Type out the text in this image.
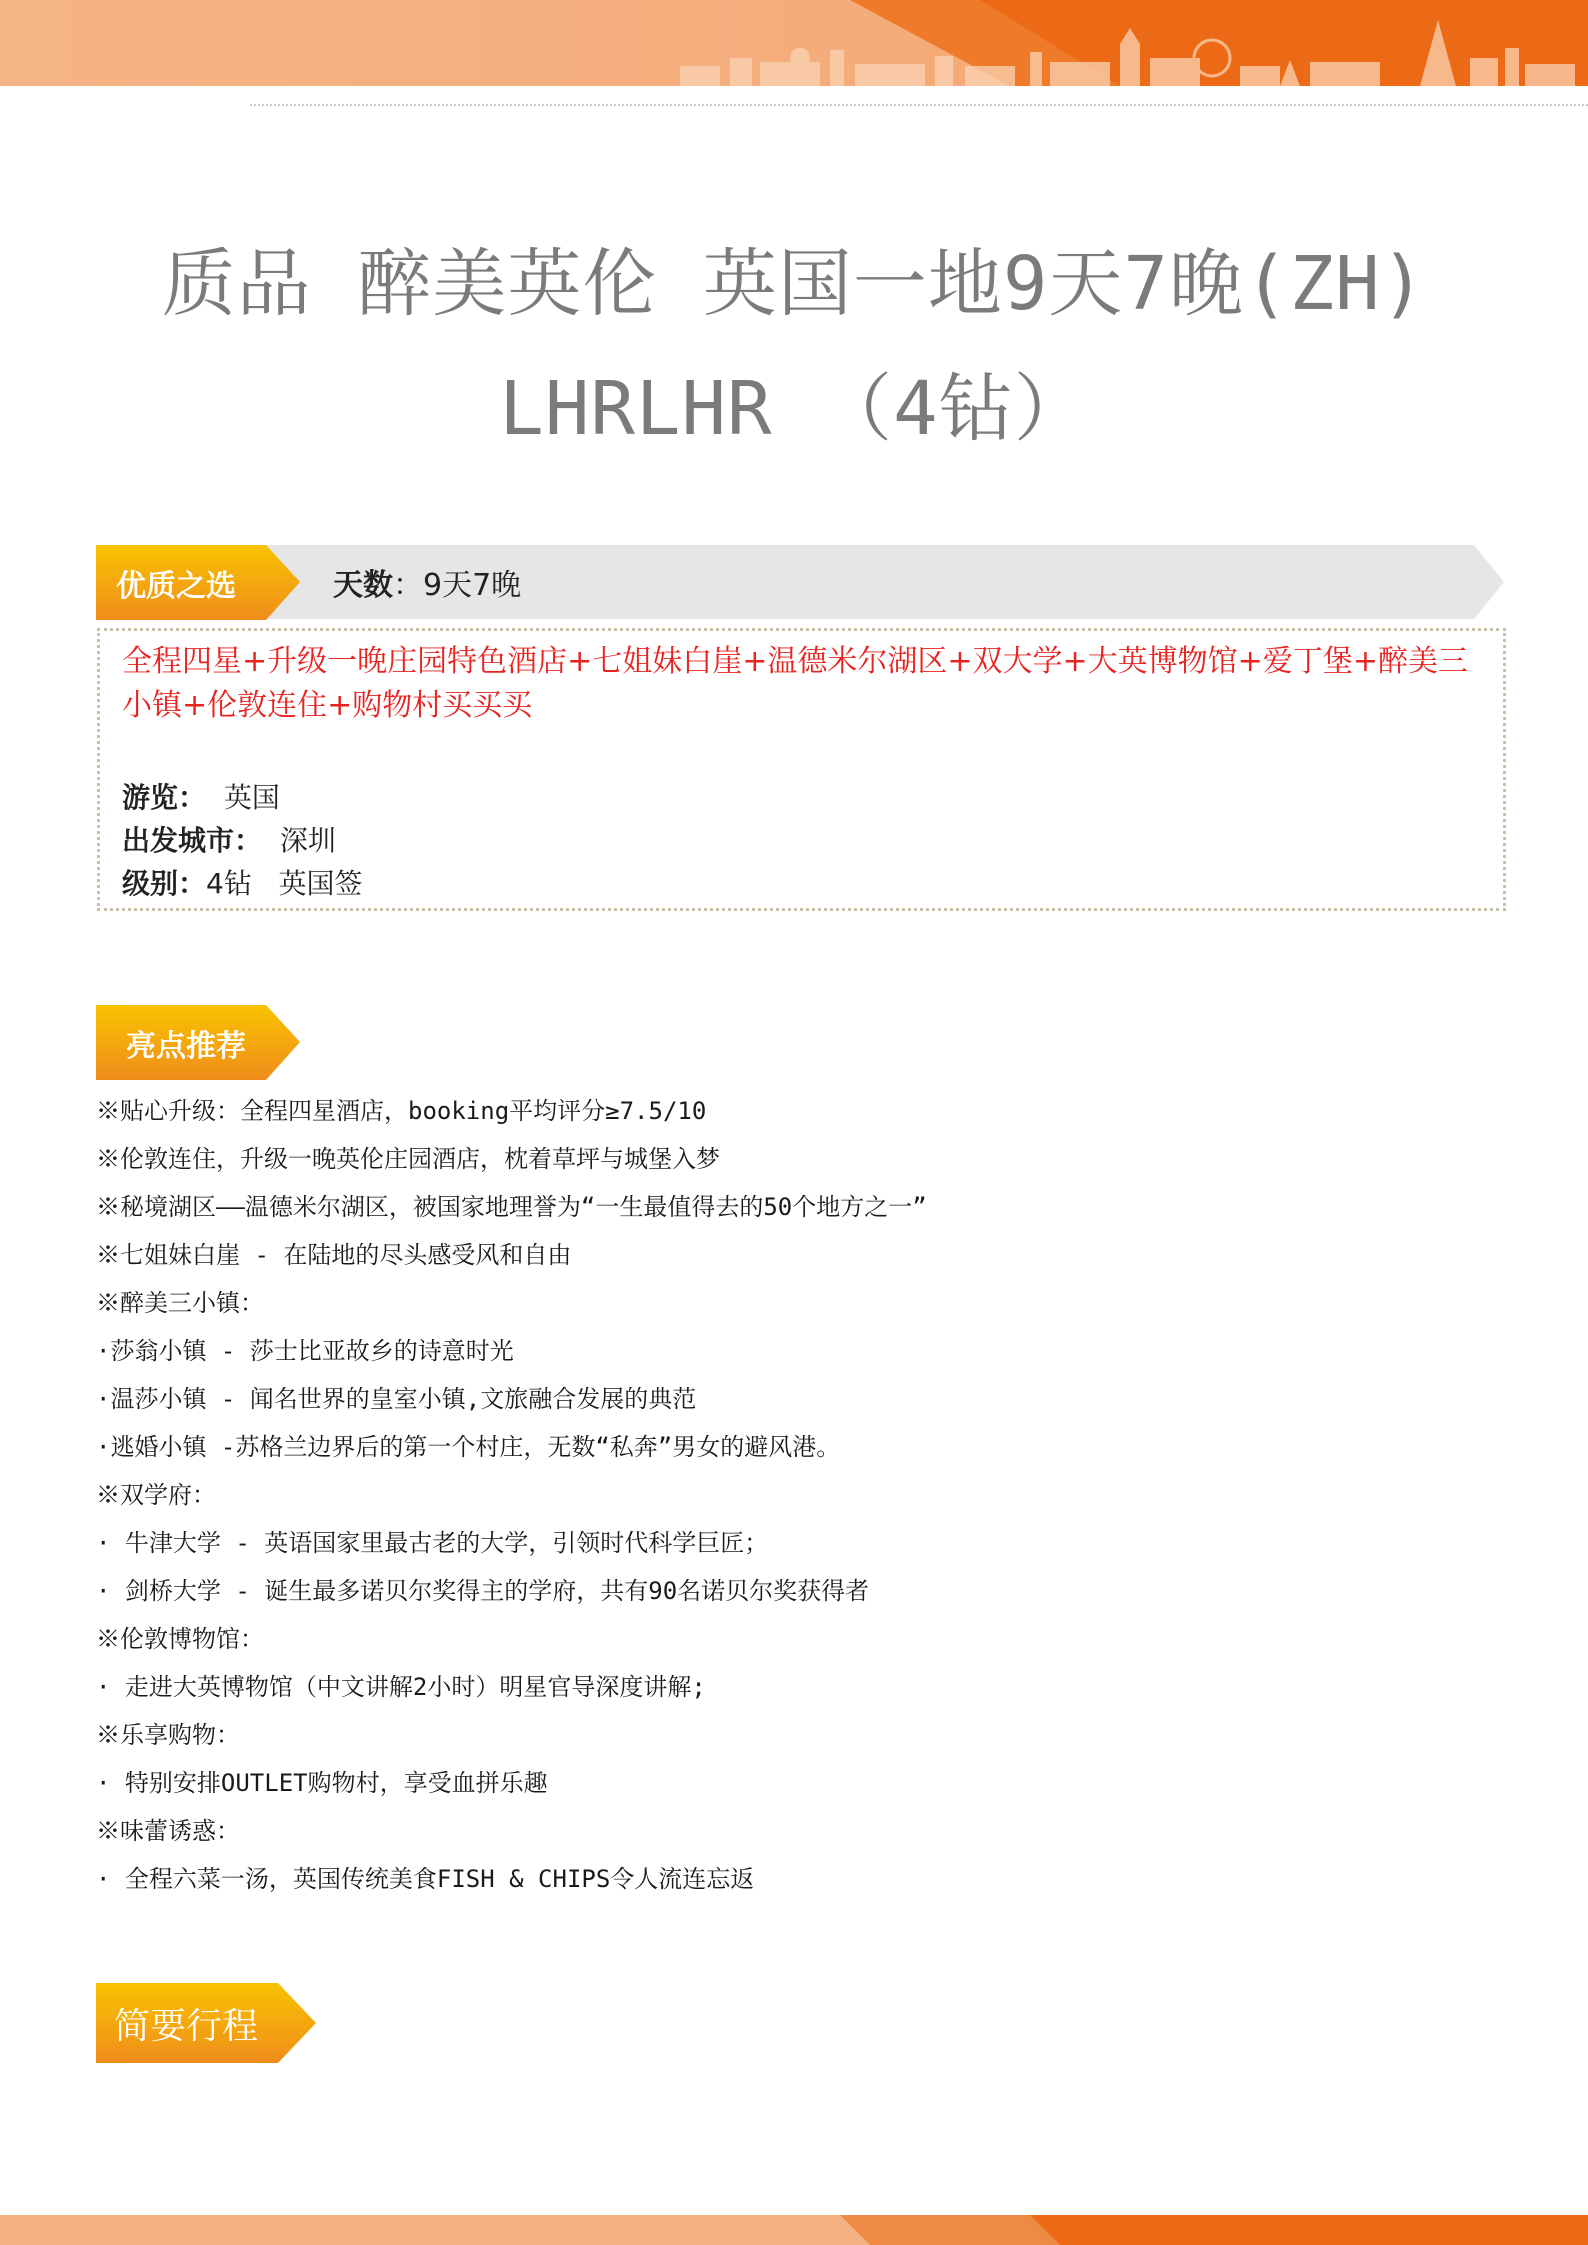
质品 醉美英伦 英国一地9天7晚(ZH)
LHRLHR （4钻）
优质之选	天数 ： 9天7晚
全程四星+升级一晚庄园特色酒店+七姐妹白崖+温德米尔湖区+双大学+大英博物馆+爱丁堡+醉美三小镇+伦敦连住+购物村买买买
游览： 英国
出发城市： 深圳
级别：4钻 英国签
亮点推荐
※贴心升级：全程四星酒店，booking平均评分≥7.5/10
※伦敦连住，升级一晚英伦庄园酒店，枕着草坪与城堡入梦
※秘境湖区——温德米尔湖区，被国家地理誉为“一生最值得去的50个地方之一”
※七姐妹白崖 - 在陆地的尽头感受风和自由
※醉美三小镇：
·莎翁小镇 - 莎士比亚故乡的诗意时光
·温莎小镇 - 闻名世界的皇室小镇,文旅融合发展的典范
·逃婚小镇 -苏格兰边界后的第一个村庄，无数“私奔”男女的避风港。
※双学府：
· 牛津大学 - 英语国家里最古老的大学，引领时代科学巨匠；
· 剑桥大学 - 诞生最多诺贝尔奖得主的学府，共有90名诺贝尔奖获得者
※伦敦博物馆：
· 走进大英博物馆（中文讲解2小时）明星官导深度讲解;
※乐享购物：
· 特别安排OUTLET购物村，享受血拼乐趣
※味蕾诱惑：
· 全程六菜一汤，英国传统美食FISH & CHIPS令人流连忘返
简要行程
